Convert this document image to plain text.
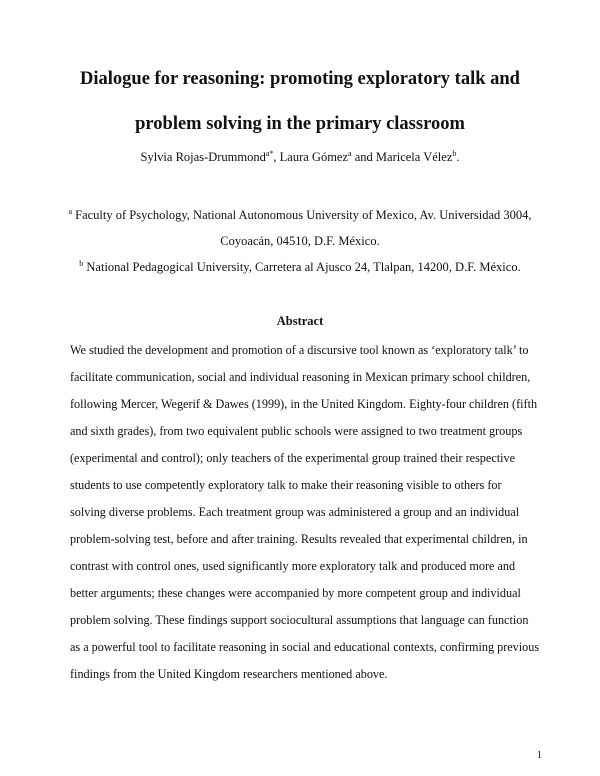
Dialogue for reasoning: promoting exploratory talk and
problem solving in the primary classroom
Sylvia Rojas-Drummond$^{a*}$, Laura Gómez$^a$ and Maricela Vélez$^b$.
$^a$ Faculty of Psychology, National Autonomous University of Mexico, Av. Universidad 3004,
Coyoacán, 04510, D.F. México.
$^b$ National Pedagogical University, Carretera al Ajusco 24, Tlalpan, 14200, D.F. México.
Abstract

We studied the development and promotion of a discursive tool known as ‘exploratory talk’ to facilitate communication, social and individual reasoning in Mexican primary school children, following Mercer, Wegerif & Dawes (1999), in the United Kingdom. Eighty-four children (fifth and sixth grades), from two equivalent public schools were assigned to two treatment groups (experimental and control); only teachers of the experimental group trained their respective students to use competently exploratory talk to make their reasoning visible to others for solving diverse problems. Each treatment group was administered a group and an individual problem-solving test, before and after training. Results revealed that experimental children, in contrast with control ones, used significantly more exploratory talk and produced more and better arguments; these changes were accompanied by more competent group and individual problem solving. These findings support sociocultural assumptions that language can function as a powerful tool to facilitate reasoning in social and educational contexts, confirming previous findings from the United Kingdom researchers mentioned above.

1
